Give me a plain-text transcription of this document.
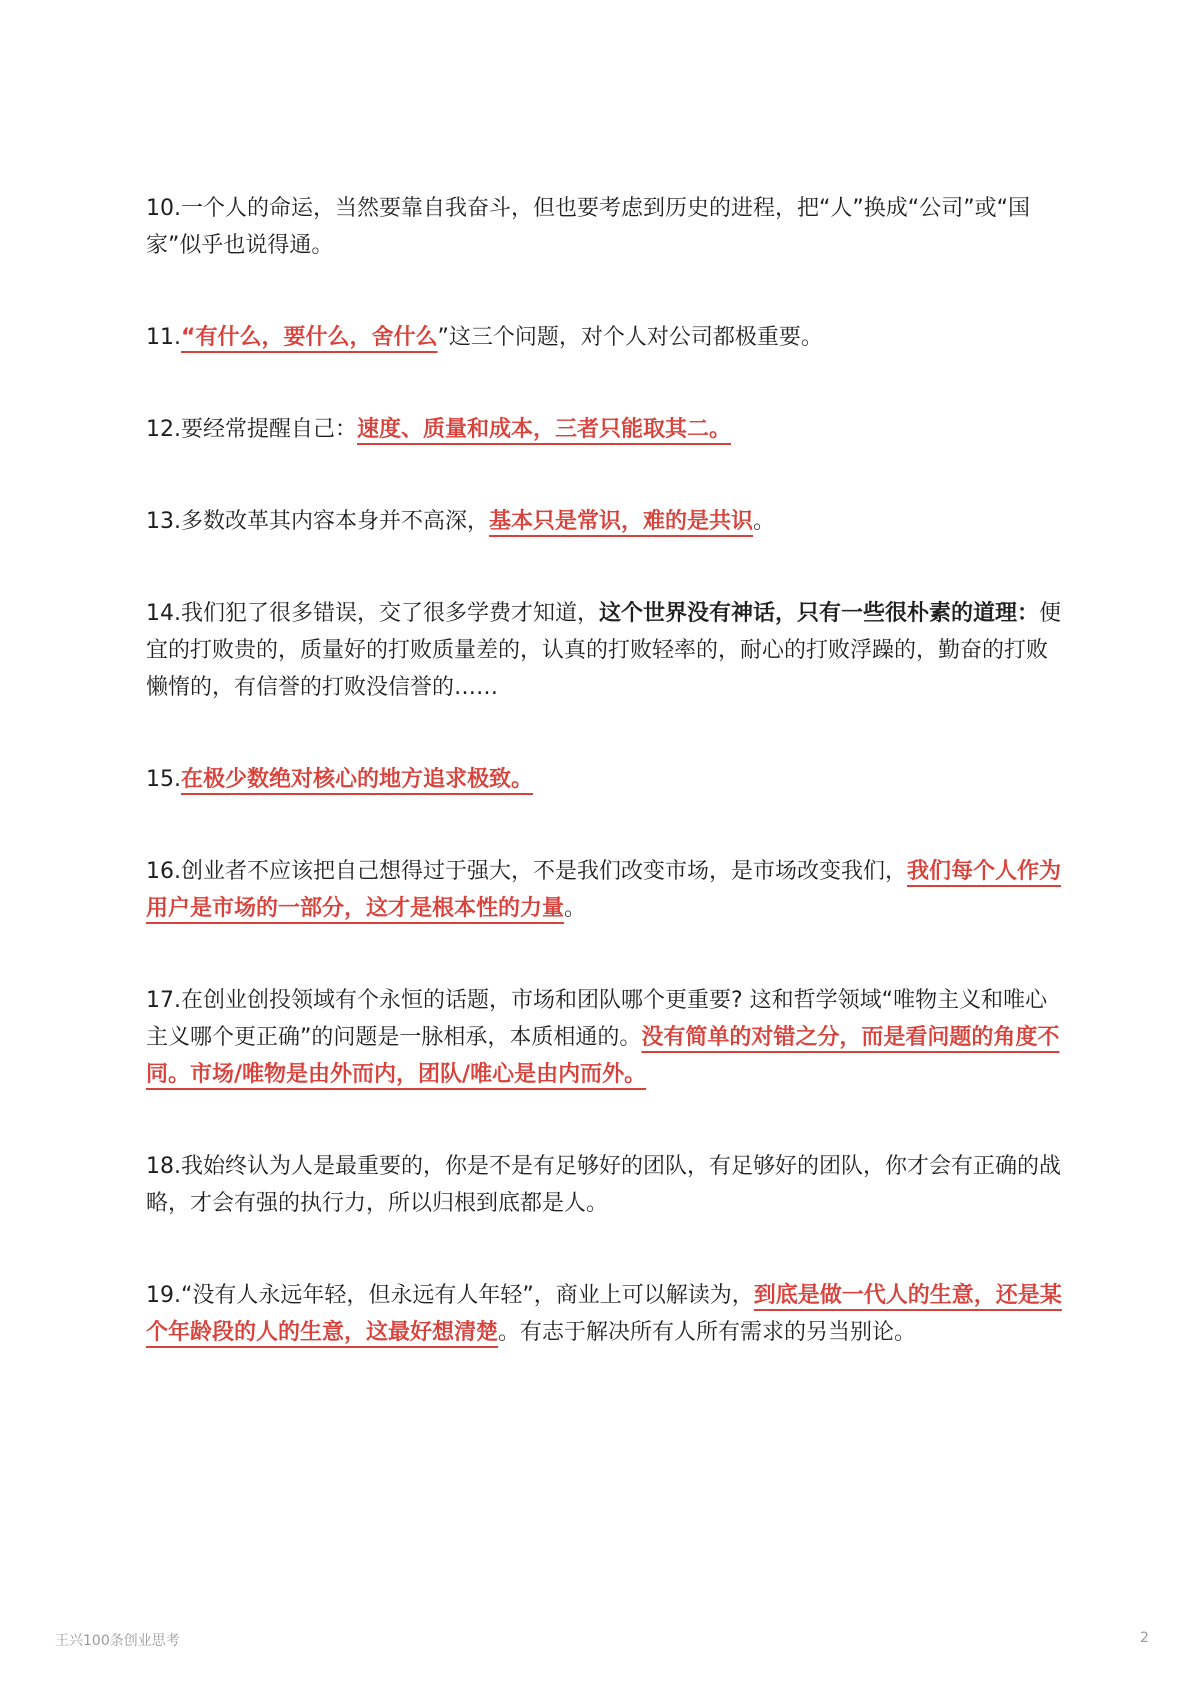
10.一个人的命运，当然要靠自我奋斗，但也要考虑到历史的进程，把“人”换成“公司”或“国家”似乎也说得通。

11.“有什么，要什么，舍什么”这三个问题，对个人对公司都极重要。

12.要经常提醒自己：速度、质量和成本，三者只能取其二。

13.多数改革其内容本身并不高深，基本只是常识，难的是共识。

14.我们犯了很多错误，交了很多学费才知道，这个世界没有神话，只有一些很朴素的道理：便宜的打败贵的，质量好的打败质量差的，认真的打败轻率的，耐心的打败浮躁的，勤奋的打败懒惰的，有信誉的打败没信誉的……

15.在极少数绝对核心的地方追求极致。

16.创业者不应该把自己想得过于强大，不是我们改变市场，是市场改变我们，我们每个人作为用户是市场的一部分，这才是根本性的力量。

17.在创业创投领域有个永恒的话题，市场和团队哪个更重要? 这和哲学领域“唯物主义和唯心主义哪个更正确”的问题是一脉相承，本质相通的。没有简单的对错之分，而是看问题的角度不同。市场/唯物是由外而内，团队/唯心是由内而外。

18.我始终认为人是最重要的，你是不是有足够好的团队，有足够好的团队，你才会有正确的战略，才会有强的执行力，所以归根到底都是人。

19.“没有人永远年轻，但永远有人年轻”，商业上可以解读为，到底是做一代人的生意，还是某个年龄段的人的生意，这最好想清楚。有志于解决所有人所有需求的另当别论。

王兴100条创业思考	2
